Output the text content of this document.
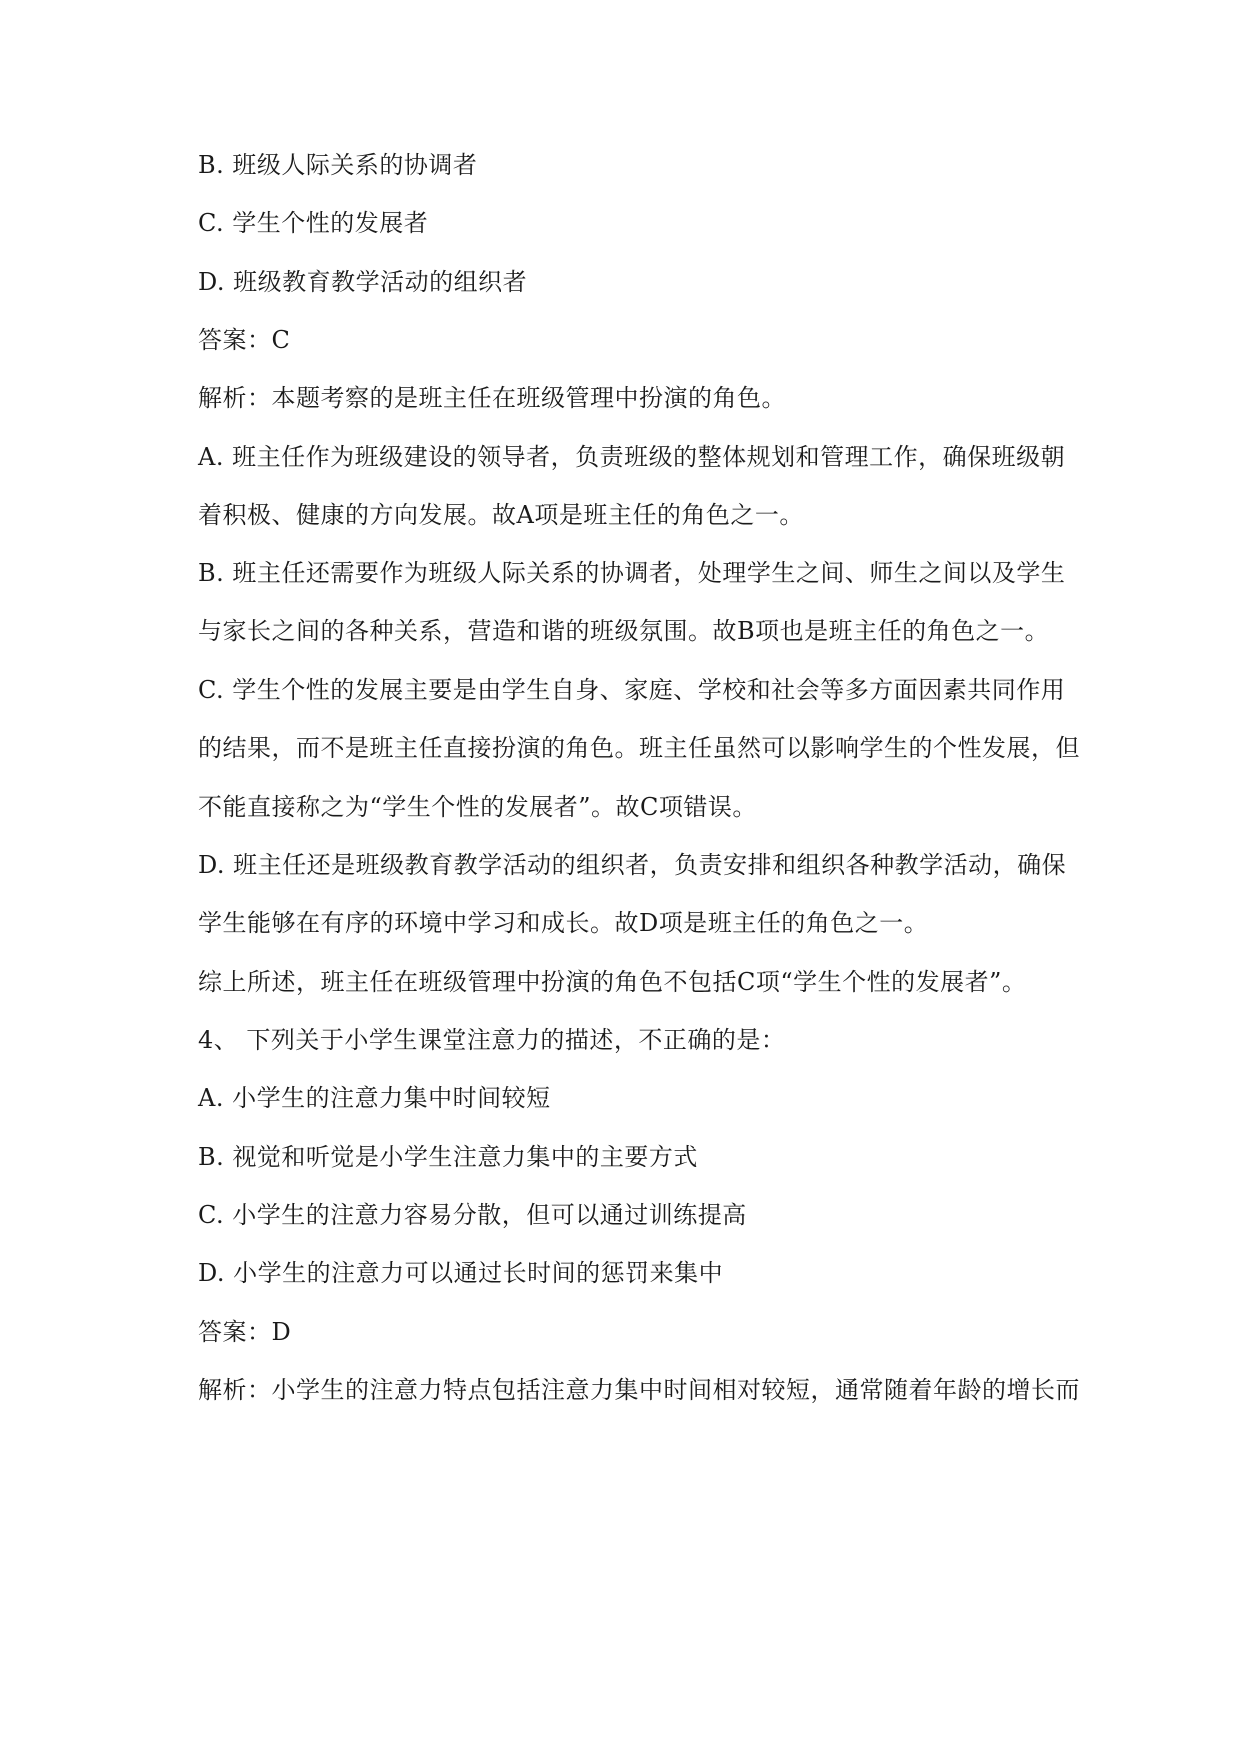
B. 班级人际关系的协调者
C. 学生个性的发展者
D. 班级教育教学活动的组织者
答案：C
解析：本题考察的是班主任在班级管理中扮演的角色。
A. 班主任作为班级建设的领导者，负责班级的整体规划和管理工作，确保班级朝
着积极、健康的方向发展。故A项是班主任的角色之一。
B. 班主任还需要作为班级人际关系的协调者，处理学生之间、师生之间以及学生
与家长之间的各种关系，营造和谐的班级氛围。故B项也是班主任的角色之一。
C. 学生个性的发展主要是由学生自身、家庭、学校和社会等多方面因素共同作用
的结果，而不是班主任直接扮演的角色。班主任虽然可以影响学生的个性发展，但
不能直接称之为“学生个性的发展者”。故C项错误。
D. 班主任还是班级教育教学活动的组织者，负责安排和组织各种教学活动，确保
学生能够在有序的环境中学习和成长。故D项是班主任的角色之一。
综上所述，班主任在班级管理中扮演的角色不包括C项“学生个性的发展者”。
4、 下列关于小学生课堂注意力的描述，不正确的是：
A. 小学生的注意力集中时间较短
B. 视觉和听觉是小学生注意力集中的主要方式
C. 小学生的注意力容易分散，但可以通过训练提高
D. 小学生的注意力可以通过长时间的惩罚来集中
答案：D
解析：小学生的注意力特点包括注意力集中时间相对较短，通常随着年龄的增长而
